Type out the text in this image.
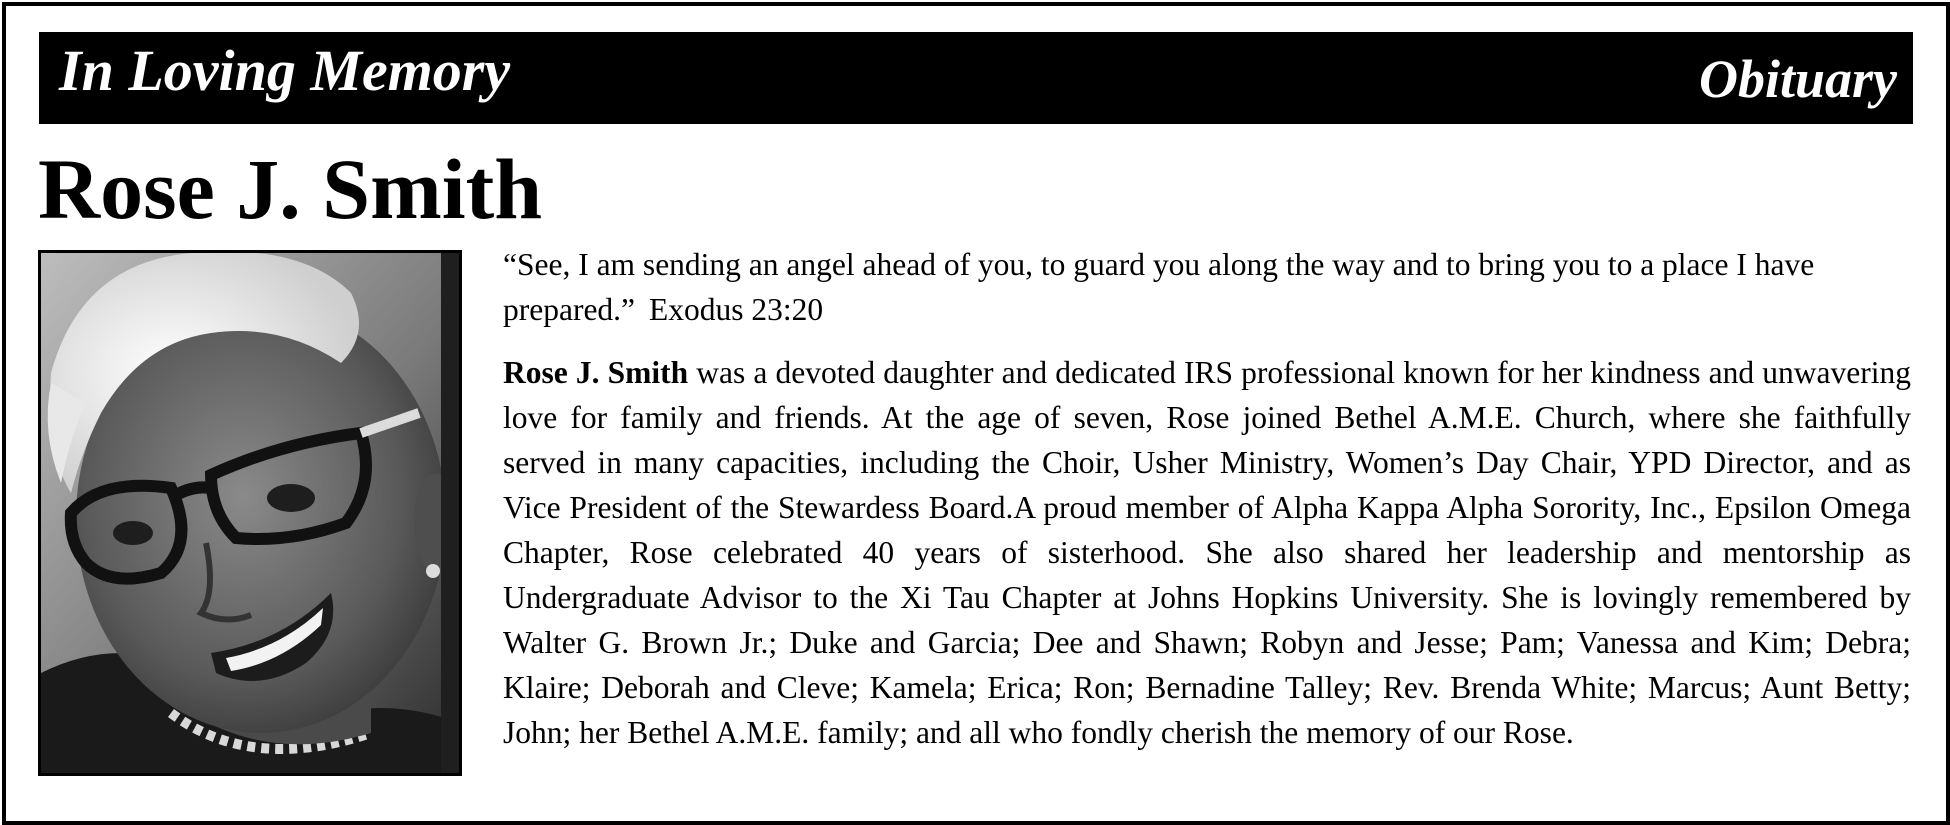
In Loving Memory	Obituary
Rose J. Smith

“See, I am sending an angel ahead of you, to guard you along the way and to bring you to a place I have prepared.” Exodus 23:20

Rose J. Smith was a devoted daughter and dedicated IRS professional known for her kindness and unwavering love for family and friends. At the age of seven, Rose joined Bethel A.M.E. Church, where she faithfully served in many capacities, including the Choir, Usher Ministry, Women’s Day Chair, YPD Director, and as Vice President of the Stewardess Board.A proud member of Alpha Kappa Alpha Sorority, Inc., Epsilon Omega Chapter, Rose celebrated 40 years of sisterhood. She also shared her leadership and mentorship as Undergraduate Advisor to the Xi Tau Chapter at Johns Hopkins University. She is lovingly remembered by Walter G. Brown Jr.; Duke and Garcia; Dee and Shawn; Robyn and Jesse; Pam; Vanessa and Kim; Debra; Klaire; Deborah and Cleve; Kamela; Erica; Ron; Bernadine Talley; Rev. Brenda White; Marcus; Aunt Betty; John; her Bethel A.M.E. family; and all who fondly cherish the memory of our Rose.
